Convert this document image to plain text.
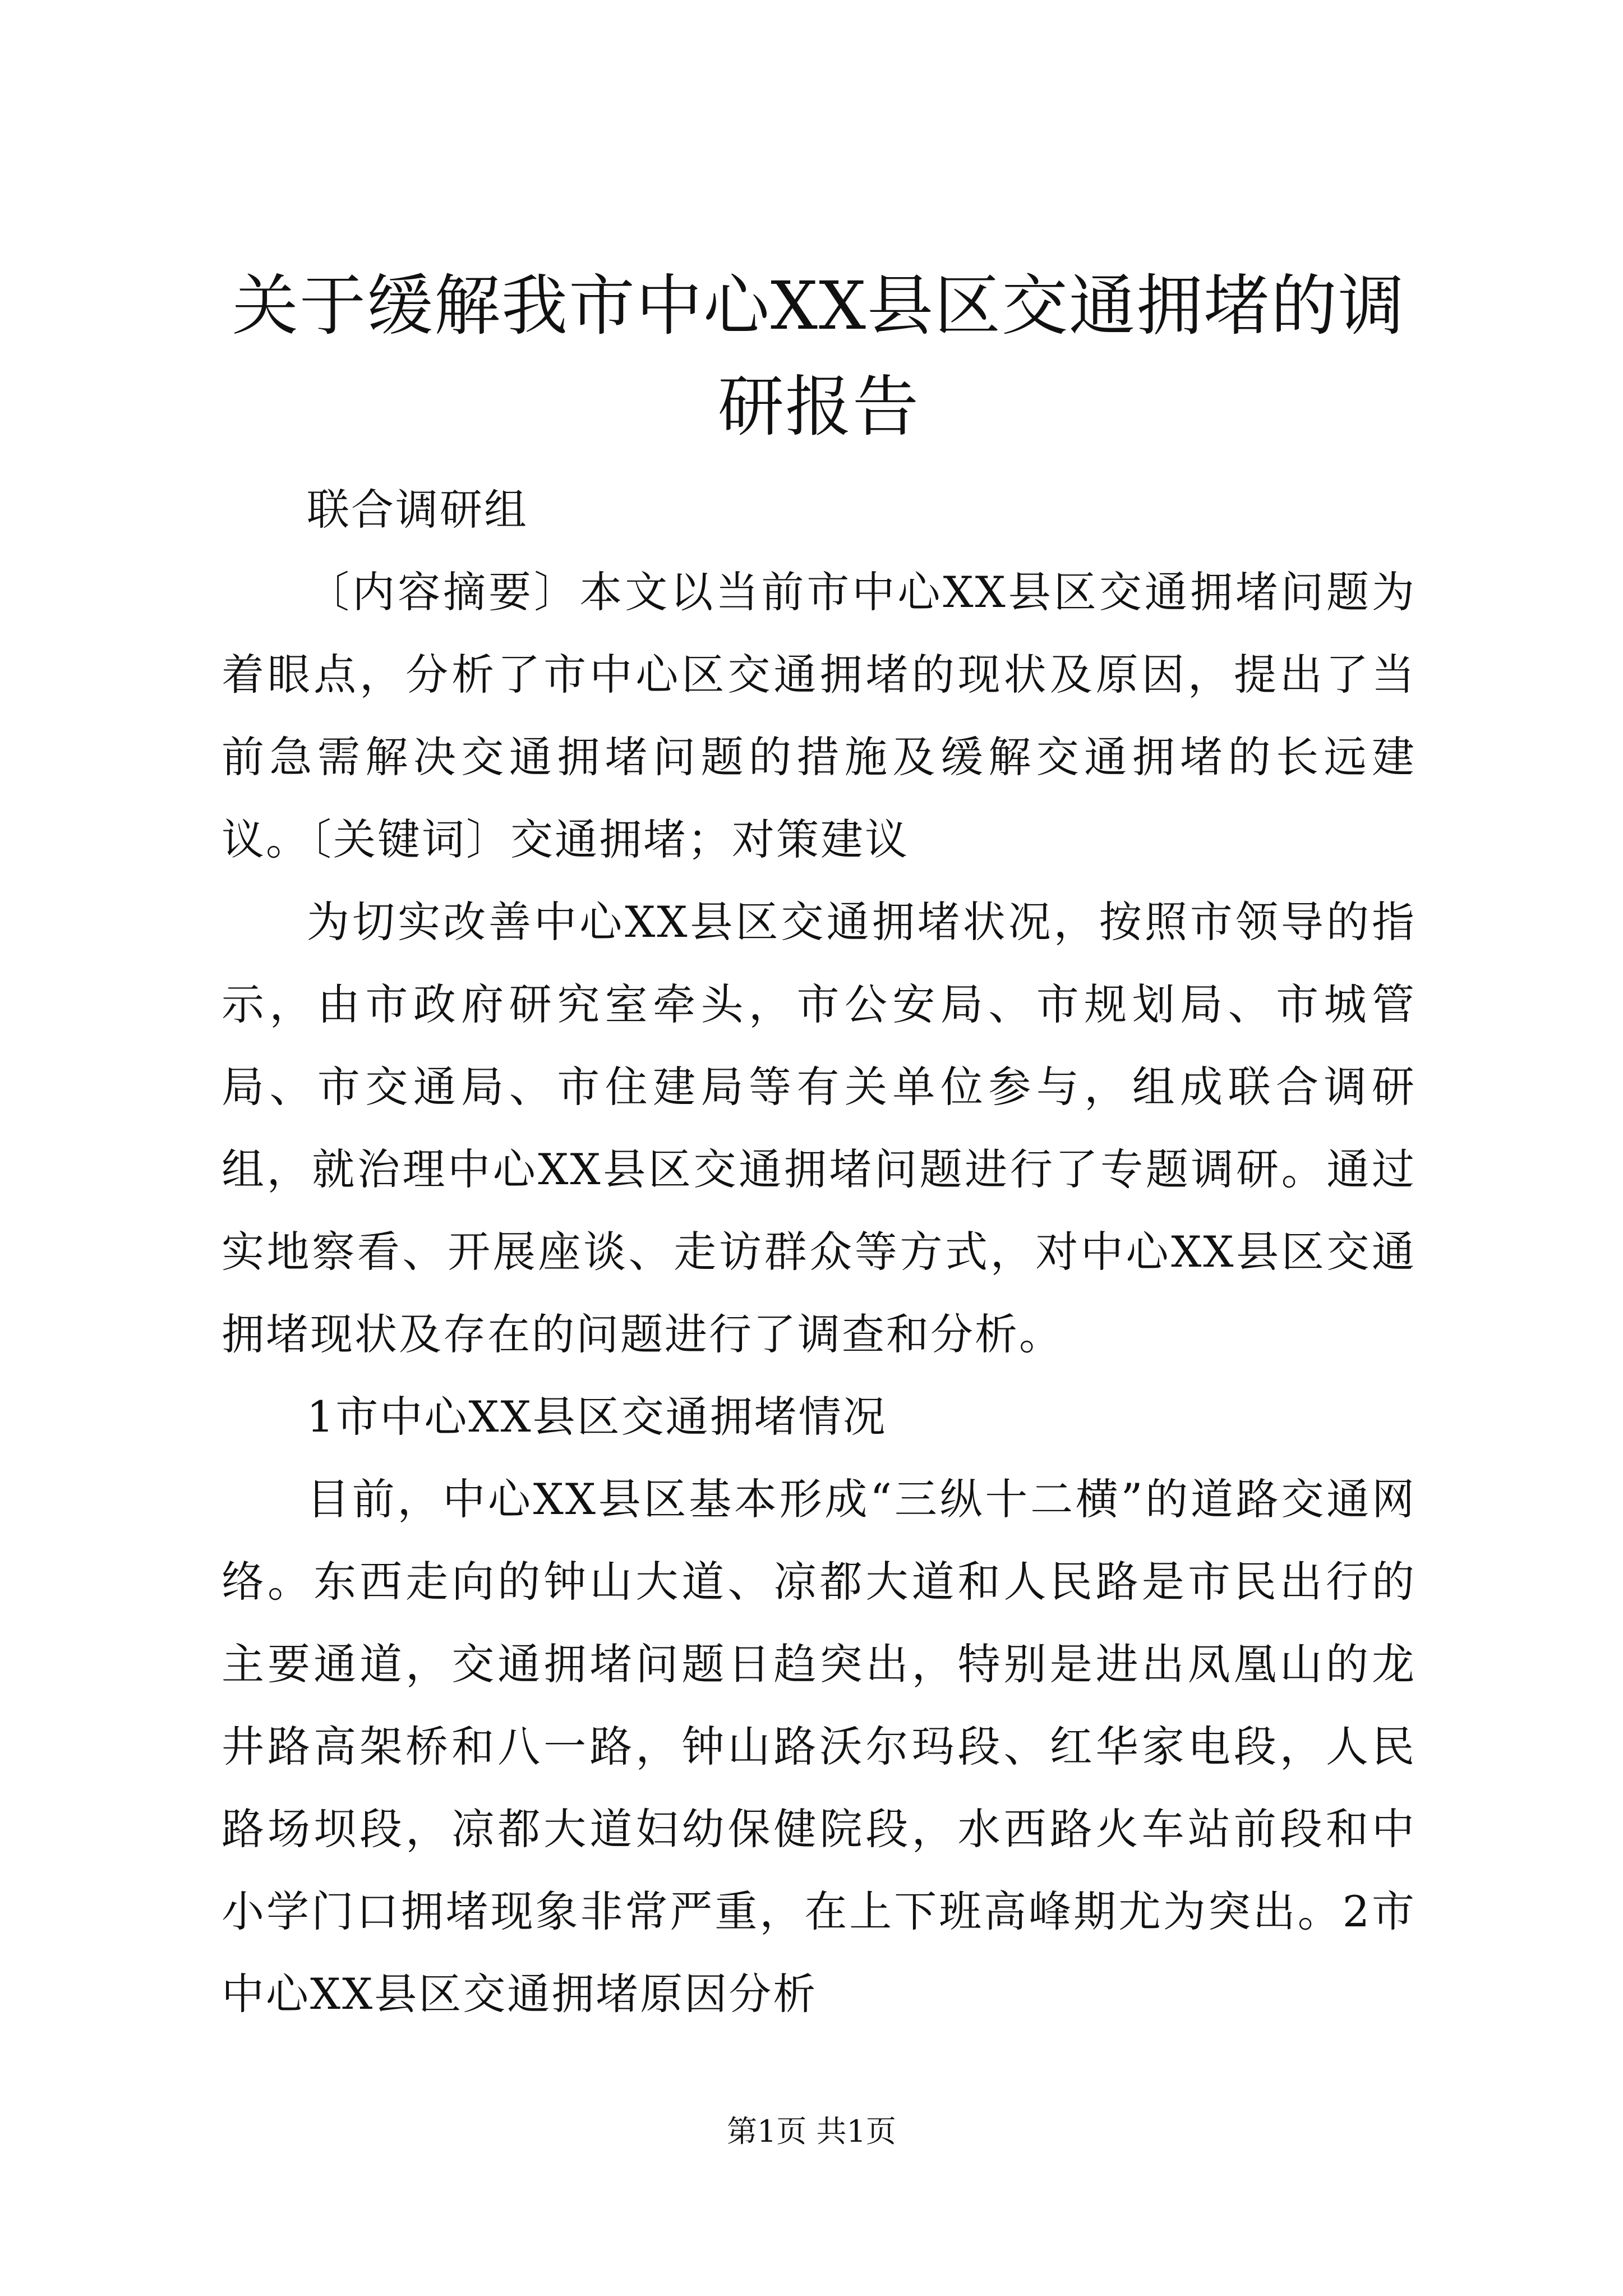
关于缓解我市中心XX县区交通拥堵的调研报告

联合调研组

〔内容摘要〕本文以当前市中心XX县区交通拥堵问题为着眼点，分析了市中心区交通拥堵的现状及原因，提出了当前急需解决交通拥堵问题的措施及缓解交通拥堵的长远建议。〔关键词〕交通拥堵；对策建议

为切实改善中心XX县区交通拥堵状况，按照市领导的指示，由市政府研究室牵头，市公安局、市规划局、市城管局、市交通局、市住建局等有关单位参与，组成联合调研组，就治理中心XX县区交通拥堵问题进行了专题调研。通过实地察看、开展座谈、走访群众等方式，对中心XX县区交通拥堵现状及存在的问题进行了调查和分析。

1市中心XX县区交通拥堵情况

目前，中心XX县区基本形成“三纵十二横”的道路交通网络。东西走向的钟山大道、凉都大道和人民路是市民出行的主要通道，交通拥堵问题日趋突出，特别是进出凤凰山的龙井路高架桥和八一路，钟山路沃尔玛段、红华家电段，人民路场坝段，凉都大道妇幼保健院段，水西路火车站前段和中小学门口拥堵现象非常严重，在上下班高峰期尤为突出。2市中心XX县区交通拥堵原因分析

第1页 共1页
